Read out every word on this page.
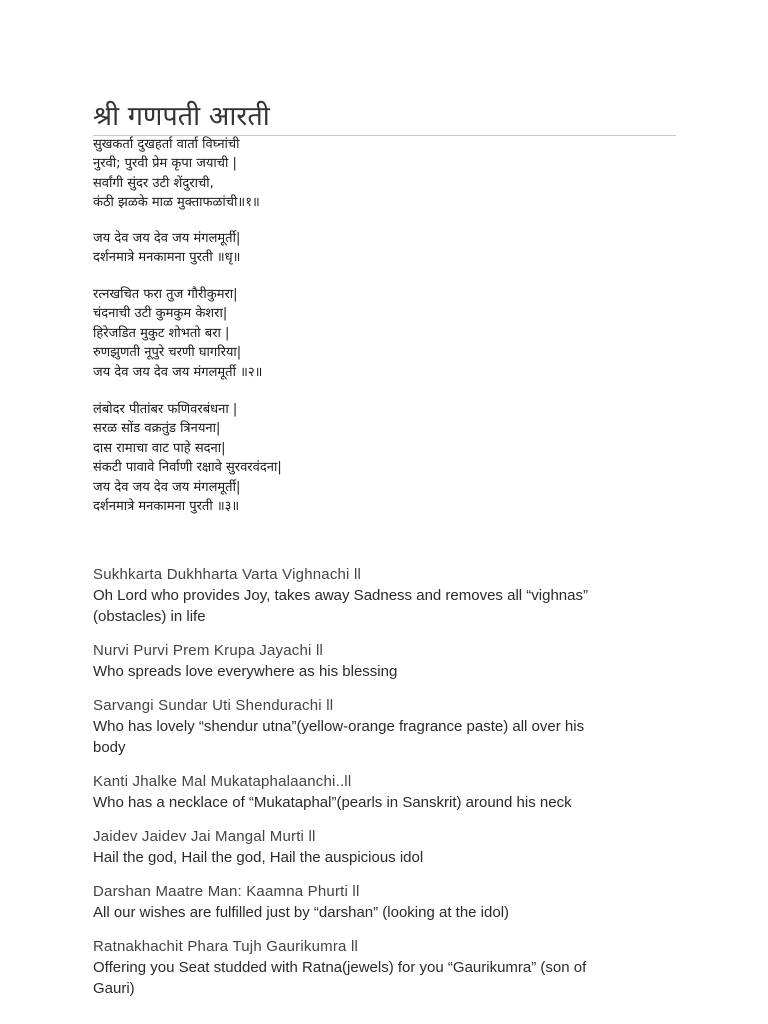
श्री गणपती आरती
सुखकर्ता दुखहर्ता वार्ता विघ्नांची
नुरवी; पुरवी प्रेम कृपा जयाची |
सर्वांगी सुंदर उटी शेंदुराची,
कंठी झळके माळ मुक्ताफळांची॥१॥
जय देव जय देव जय मंगलमूर्ती|
दर्शनमात्रे मनकामना पुरती ॥धृ॥
रत्नखचित फरा तुज गौरीकुमरा|
चंदनाची उटी कुमकुम केशरा|
हिरेजडित मुकुट शोभतो बरा |
रुणझुणती नूपुरे चरणी घागरिया|
जय देव जय देव जय मंगलमूर्ती ॥२॥
लंबोदर पीतांबर फणिवरबंधना |
सरळ सोंड वक्रतुंड त्रिनयना|
दास रामाचा वाट पाहे सदना|
संकटी पावावे निर्वाणी रक्षावे सुरवरवंदना|
जय देव जय देव जय मंगलमूर्ती|
दर्शनमात्रे मनकामना पुरती ॥३॥
Sukhkarta Dukhharta Varta Vighnachi ll
Oh Lord who provides Joy, takes away Sadness and removes all “vighnas”
(obstacles) in life
Nurvi Purvi Prem Krupa Jayachi ll
Who spreads love everywhere as his blessing
Sarvangi Sundar Uti Shendurachi ll
Who has lovely “shendur utna”(yellow-orange fragrance paste) all over his
body
Kanti Jhalke Mal Mukataphalaanchi..ll
Who has a necklace of “Mukataphal”(pearls in Sanskrit) around his neck
Jaidev Jaidev Jai Mangal Murti ll
Hail the god, Hail the god, Hail the auspicious idol
Darshan Maatre Man: Kaamna Phurti ll
All our wishes are fulfilled just by “darshan” (looking at the idol)
Ratnakhachit Phara Tujh Gaurikumra ll
Offering you Seat studded with Ratna(jewels) for you “Gaurikumra” (son of
Gauri)
